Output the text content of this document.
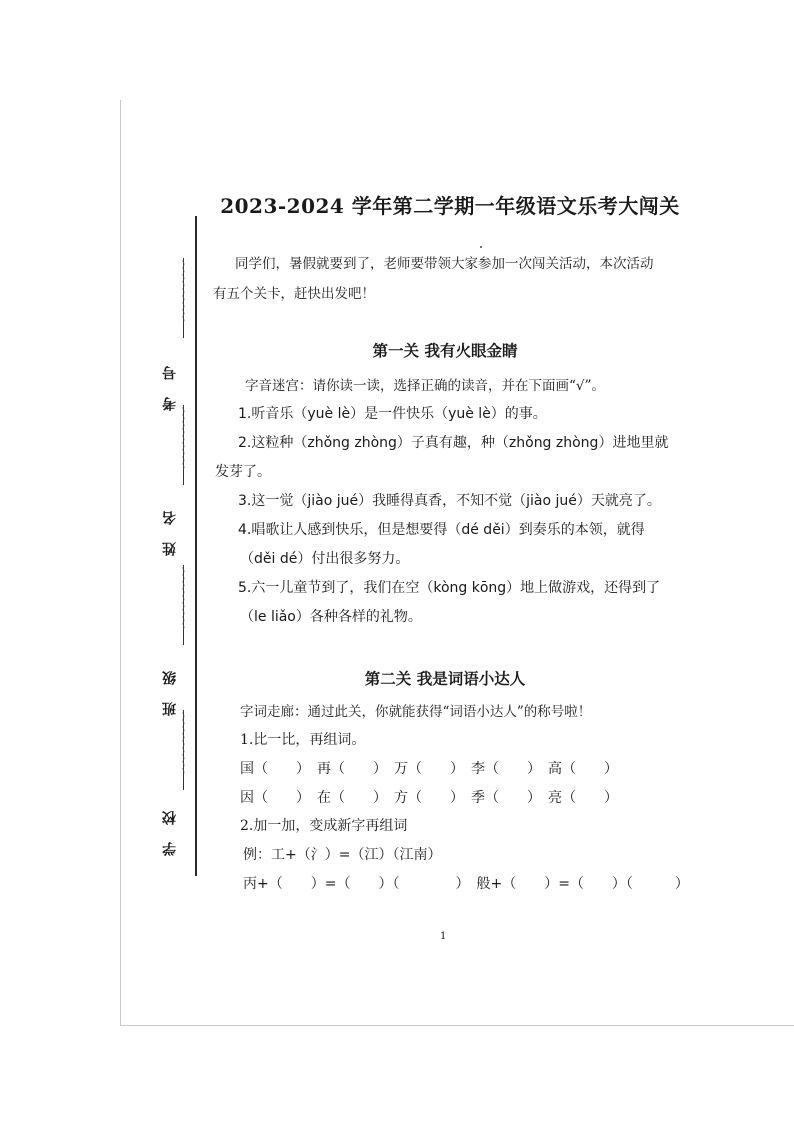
考 号
～～～～～～～～～
姓 名
～～～～～～～～～
班 级
～～～～～～～～～
学 校
～～～～～～～～～
2023-2024 学年第二学期一年级语文乐考大闯关
同学们，暑假就要到了，老师要带领大家参加一次闯关活动，本次活动
有五个关卡，赶快出发吧！
第一关 我有火眼金睛
字音迷宫：请你读一读，选择正确的读音，并在下面画“√”。
1.听音乐（yuè lè）是一件快乐（yuè lè）的事。
2.这粒种（zhǒng zhòng）子真有趣，种（zhǒng zhòng）进地里就
发芽了。
3.这一觉（jiào jué）我睡得真香，不知不觉（jiào jué）天就亮了。
4.唱歌让人感到快乐，但是想要得（dé děi）到奏乐的本领，就得
（děi dé）付出很多努力。
5.六一儿童节到了，我们在空（kòng kōng）地上做游戏，还得到了
（le liǎo）各种各样的礼物。
第二关 我是词语小达人
字词走廊：通过此关，你就能获得“词语小达人”的称号啦！
1.比一比，再组词。
国（　　）　再（　　）　万（　　）　李（　　）　高（　　）
因（　　）　在（　　）　方（　　）　季（　　）　亮（　　）
2.加一加，变成新字再组词
例：工+（氵）=（江）（江南）
丙+（　　）=（　　）（　　　　）　般+（　　）=（　　）（　　　）
1
